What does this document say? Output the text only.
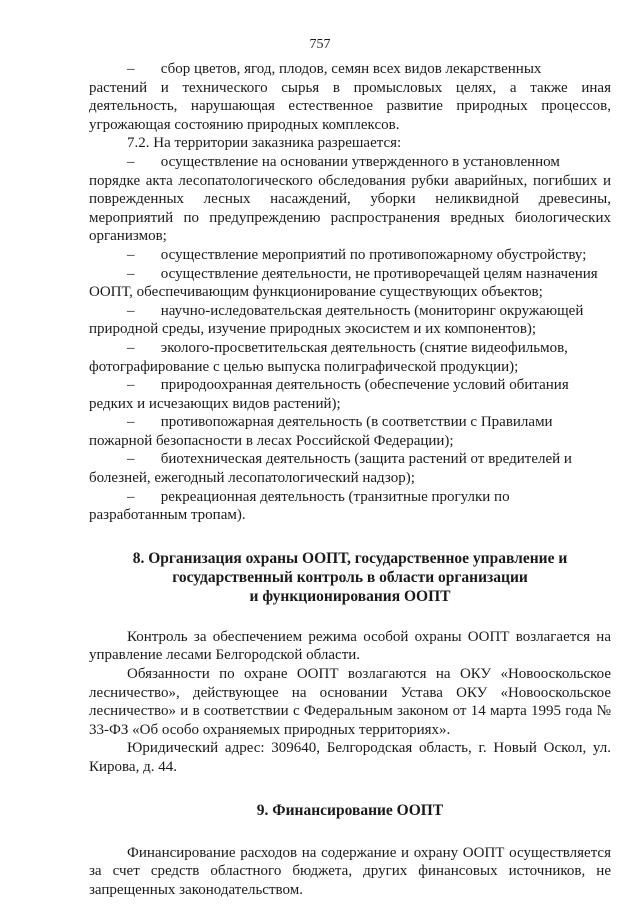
757

– сбор цветов, ягод, плодов, семян всех видов лекарственных
растений и технического сырья в промысловых целях, а также иная деятельность, нарушающая естественное развитие природных процессов, угрожающая состоянию природных комплексов.

7.2. На территории заказника разрешается:

– осуществление на основании утвержденного в установленном
порядке акта лесопатологического обследования рубки аварийных, погибших и поврежденных лесных насаждений, уборки неликвидной древесины, мероприятий по предупреждению распространения вредных биологических организмов;

– осуществление мероприятий по противопожарному обустройству;

– осуществление деятельности, не противоречащей целям назначения
ООПТ, обеспечивающим функционирование существующих объектов;

– научно-иследовательская деятельность (мониторинг окружающей
природной среды, изучение природных экосистем и их компонентов);

– эколого-просветительская деятельность (снятие видеофильмов,
фотографирование с целью выпуска полиграфической продукции);

– природоохранная деятельность (обеспечение условий обитания
редких и исчезающих видов растений);

– противопожарная деятельность (в соответствии с Правилами
пожарной безопасности в лесах Российской Федерации);

– биотехническая деятельность (защита растений от вредителей и
болезней, ежегодный лесопатологический надзор);

– рекреационная деятельность (транзитные прогулки по
разработанным тропам).

8. Организация охраны ООПТ, государственное управление и
государственный контроль в области организации
и функционирования ООПТ

Контроль за обеспечением режима особой охраны ООПТ возлагается на управление лесами Белгородской области.

Обязанности по охране ООПТ возлагаются на ОКУ «Новооскольское лесничество», действующее на основании Устава ОКУ «Новооскольское лесничество» и в соответствии с Федеральным законом от 14 марта 1995 года № 33-ФЗ «Об особо охраняемых природных территориях».

Юридический адрес: 309640, Белгородская область, г. Новый Оскол, ул. Кирова, д. 44.

9. Финансирование ООПТ

Финансирование расходов на содержание и охрану ООПТ осуществляется за счет средств областного бюджета, других финансовых источников, не запрещенных законодательством.
